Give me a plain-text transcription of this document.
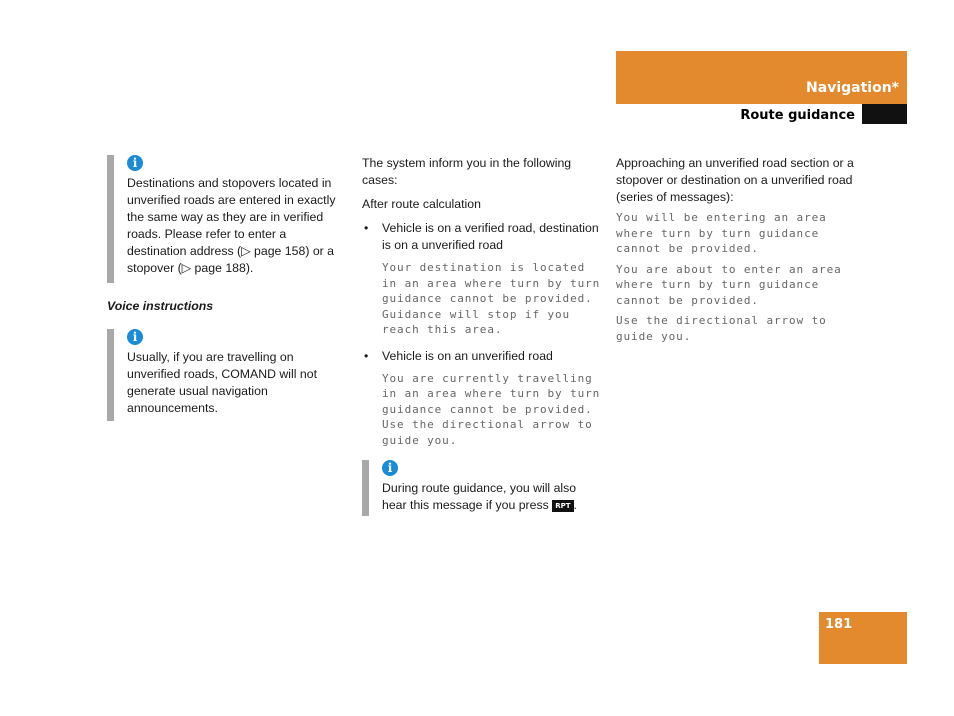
Navigation*
Route guidance
i

Destinations and stopovers located in unverified roads are entered in exactly the same way as they are in verified roads. Please refer to enter a destination address (▷ page 158) or a stopover (▷ page 188).

Voice instructions
i

Usually, if you are travelling on unverified roads, COMAND will not generate usual navigation announcements.

The system inform you in the following cases:

After route calculation

• Vehicle is on a verified road, destination is on a unverified road
Your destination is located
in an area where turn by turn
guidance cannot be provided.
Guidance will stop if you
reach this area.
• Vehicle is on an unverified road
You are currently travelling
in an area where turn by turn
guidance cannot be provided.
Use the directional arrow to
guide you.
i

During route guidance, you will also hear this message if you press RPT .

Approaching an unverified road section or a stopover or destination on a unverified road (series of messages):

You will be entering an area
where turn by turn guidance
cannot be provided.
You are about to enter an area
where turn by turn guidance
cannot be provided.
Use the directional arrow to
guide you.
181
